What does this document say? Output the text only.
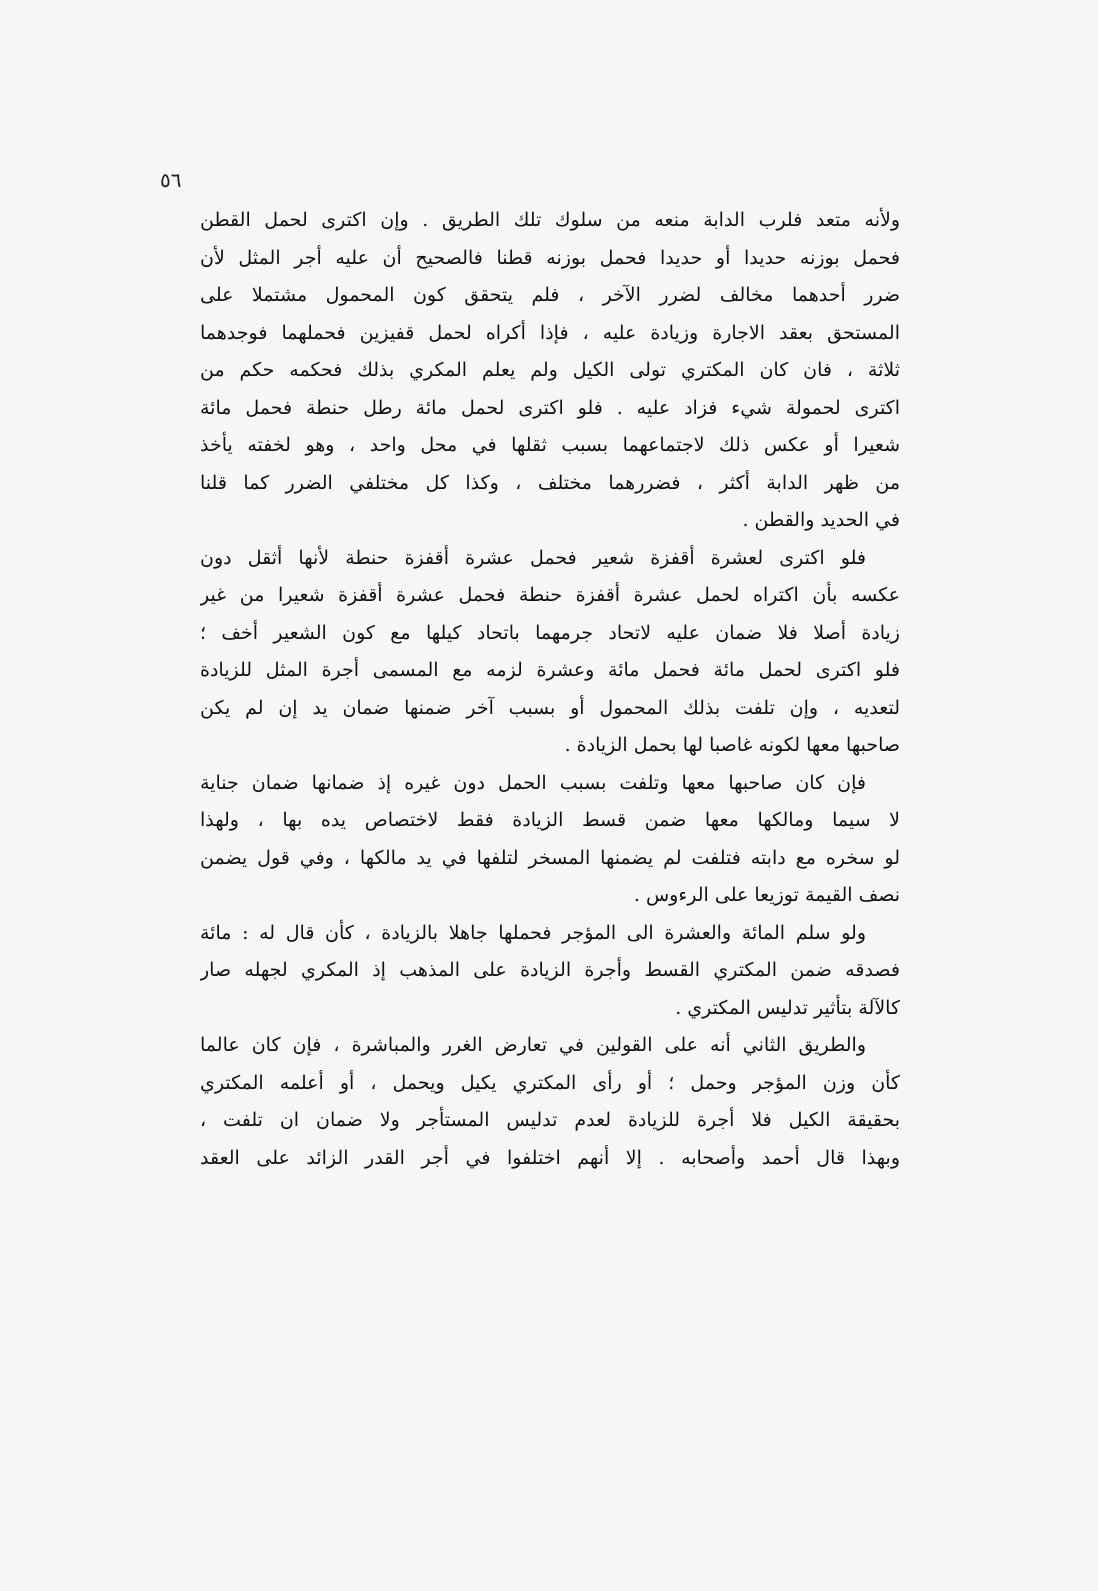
٥٦
ولأنه متعد فلرب الدابة منعه من سلوك تلك الطريق . وإن اكترى لحمل القطن
فحمل بوزنه حديدا أو حديدا فحمل بوزنه قطنا فالصحيح أن عليه أجر المثل لأن
ضرر أحدهما مخالف لضرر الآخر ، فلم يتحقق كون المحمول مشتملا على
المستحق بعقد الاجارة وزيادة عليه ، فإذا أكراه لحمل قفيزين فحملهما فوجدهما
ثلاثة ، فان كان المكتري تولى الكيل ولم يعلم المكري بذلك فحكمه حكم من
اكترى لحمولة شيء فزاد عليه . فلو اكترى لحمل مائة رطل حنطة فحمل مائة
شعيرا أو عكس ذلك لاجتماعهما بسبب ثقلها في محل واحد ، وهو لخفته يأخذ
من ظهر الدابة أكثر ، فضررهما مختلف ، وكذا كل مختلفي الضرر كما قلنا
في الحديد والقطن .
فلو اكترى لعشرة أقفزة شعير فحمل عشرة أقفزة حنطة لأنها أثقل دون
عكسه بأن اكتراه لحمل عشرة أقفزة حنطة فحمل عشرة أقفزة شعيرا من غير
زيادة أصلا فلا ضمان عليه لاتحاد جرمهما باتحاد كيلها مع كون الشعير أخف ؛
فلو اكترى لحمل مائة فحمل مائة وعشرة لزمه مع المسمى أجرة المثل للزيادة
لتعديه ، وإن تلفت بذلك المحمول أو بسبب آخر ضمنها ضمان يد إن لم يكن
صاحبها معها لكونه غاصبا لها بحمل الزيادة .
فإن كان صاحبها معها وتلفت بسبب الحمل دون غيره إذ ضمانها ضمان جناية
لا سيما ومالكها معها ضمن قسط الزيادة فقط لاختصاص يده بها ، ولهذا
لو سخره مع دابته فتلفت لم يضمنها المسخر لتلفها في يد مالكها ، وفي قول يضمن
نصف القيمة توزيعا على الرءوس .
ولو سلم المائة والعشرة الى المؤجر فحملها جاهلا بالزيادة ، كأن قال له : مائة
فصدقه ضمن المكتري القسط وأجرة الزيادة على المذهب إذ المكري لجهله صار
كالآلة بتأثير تدليس المكتري .
والطريق الثاني أنه على القولين في تعارض الغرر والمباشرة ، فإن كان عالما
كأن وزن المؤجر وحمل ؛ أو رأى المكتري يكيل ويحمل ، أو أعلمه المكتري
بحقيقة الكيل فلا أجرة للزيادة لعدم تدليس المستأجر ولا ضمان ان تلفت ،
وبهذا قال أحمد وأصحابه . إلا أنهم اختلفوا في أجر القدر الزائد على العقد
